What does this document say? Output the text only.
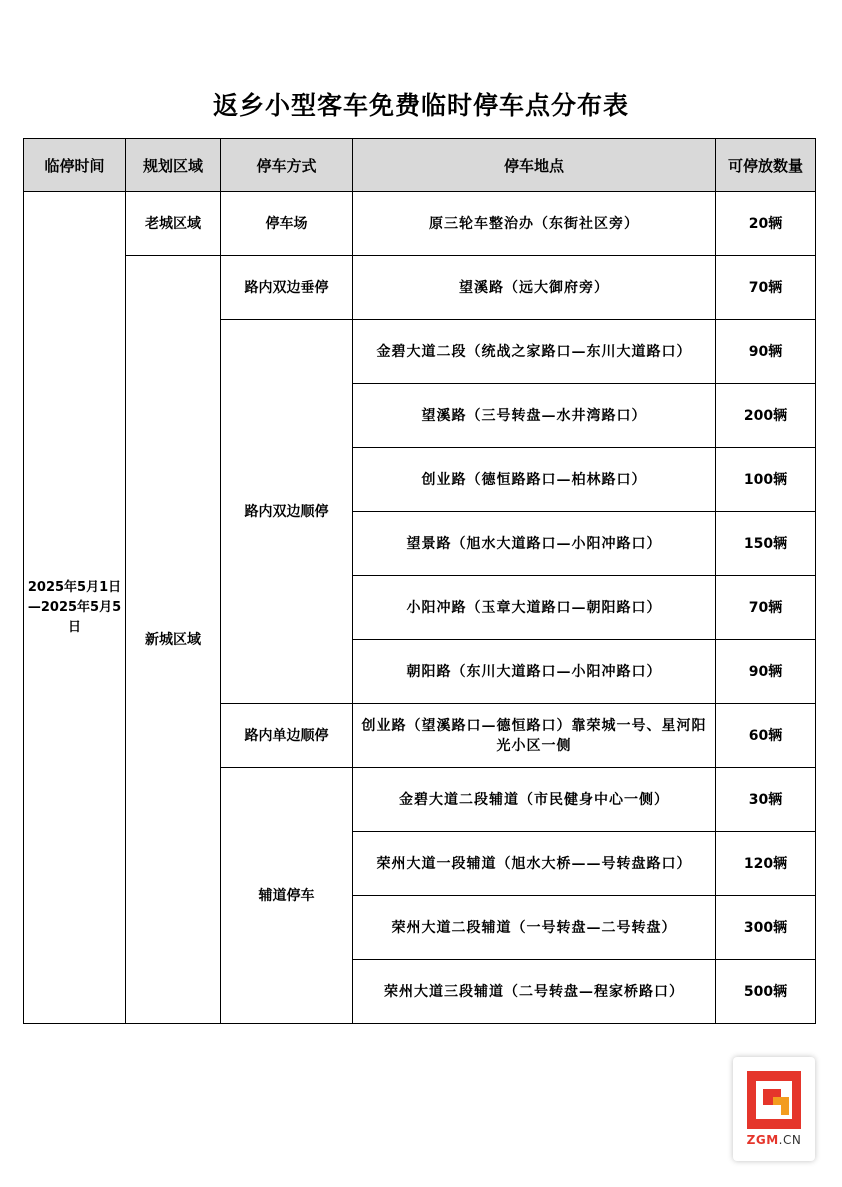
返乡小型客车免费临时停车点分布表
临停时间	规划区域	停车方式	停车地点	可停放数量
2025年5月1日—2025年5月5日	老城区域	停车场	原三轮车整治办（东街社区旁）	20辆
	新城区域	路内双边垂停	望溪路（远大御府旁）	70辆
		路内双边顺停	金碧大道二段（统战之家路口—东川大道路口）	90辆
			望溪路（三号转盘—水井湾路口）	200辆
			创业路（德恒路路口—柏林路口）	100辆
			望景路（旭水大道路口—小阳冲路口）	150辆
			小阳冲路（玉章大道路口—朝阳路口）	70辆
			朝阳路（东川大道路口—小阳冲路口）	90辆
		路内单边顺停	创业路（望溪路口—德恒路口）靠荣城一号、星河阳光小区一侧	60辆
		辅道停车	金碧大道二段辅道（市民健身中心一侧）	30辆
			荣州大道一段辅道（旭水大桥——号转盘路口）	120辆
			荣州大道二段辅道（一号转盘—二号转盘）	300辆
			荣州大道三段辅道（二号转盘—程家桥路口）	500辆
ZGM.CN
